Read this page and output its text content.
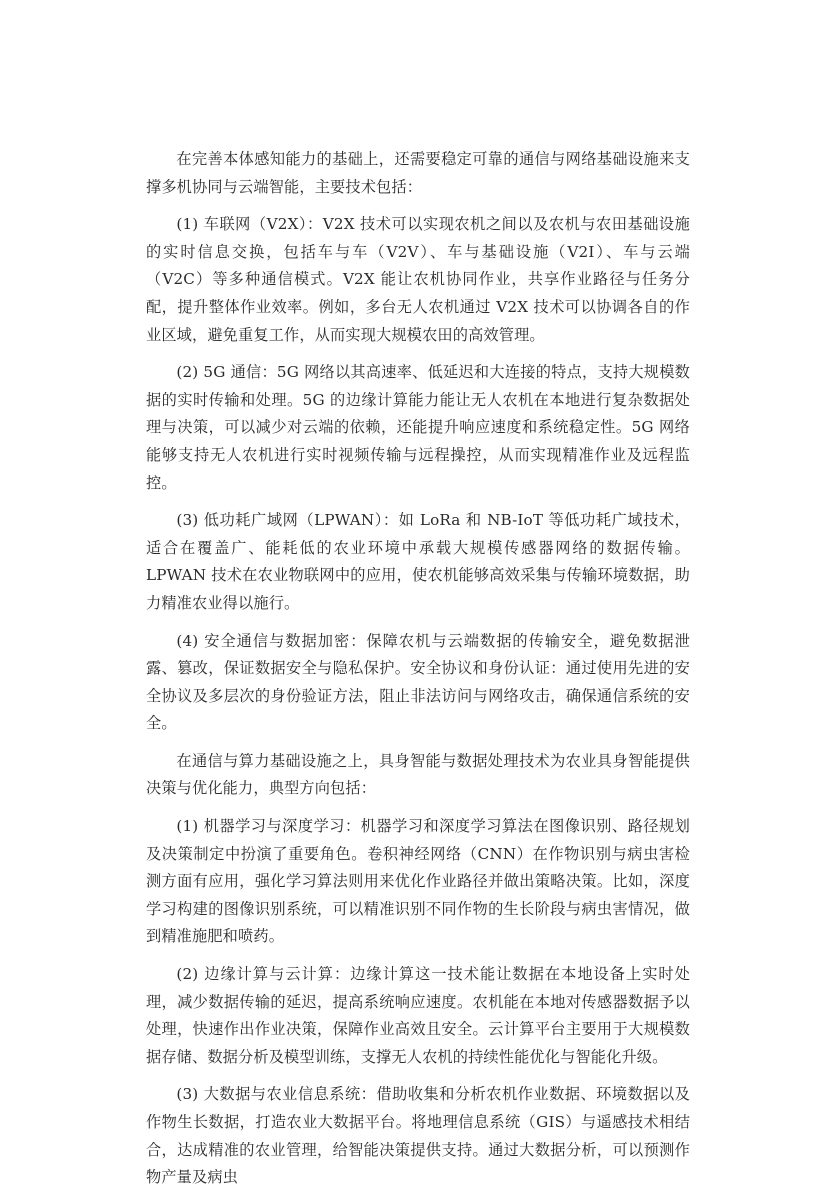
在完善本体感知能力的基础上，还需要稳定可靠的通信与网络基础设施来支撑多机协同与云端智能，主要技术包括：

(1) 车联网（V2X）：V2X 技术可以实现农机之间以及农机与农田基础设施的实时信息交换，包括车与车（V2V）、车与基础设施（V2I）、车与云端（V2C）等多种通信模式。V2X 能让农机协同作业，共享作业路径与任务分配，提升整体作业效率。例如，多台无人农机通过 V2X 技术可以协调各自的作业区域，避免重复工作，从而实现大规模农田的高效管理。

(2) 5G 通信：5G 网络以其高速率、低延迟和大连接的特点，支持大规模数据的实时传输和处理。5G 的边缘计算能力能让无人农机在本地进行复杂数据处理与决策，可以减少对云端的依赖，还能提升响应速度和系统稳定性。5G 网络能够支持无人农机进行实时视频传输与远程操控，从而实现精准作业及远程监控。

(3) 低功耗广域网（LPWAN）：如 LoRa 和 NB-IoT 等低功耗广域技术，适合在覆盖广、能耗低的农业环境中承载大规模传感器网络的数据传输。LPWAN 技术在农业物联网中的应用，使农机能够高效采集与传输环境数据，助力精准农业得以施行。

(4) 安全通信与数据加密：保障农机与云端数据的传输安全，避免数据泄露、篡改，保证数据安全与隐私保护。安全协议和身份认证：通过使用先进的安全协议及多层次的身份验证方法，阻止非法访问与网络攻击，确保通信系统的安全。

在通信与算力基础设施之上，具身智能与数据处理技术为农业具身智能提供决策与优化能力，典型方向包括：

(1) 机器学习与深度学习：机器学习和深度学习算法在图像识别、路径规划及决策制定中扮演了重要角色。卷积神经网络（CNN）在作物识别与病虫害检测方面有应用，强化学习算法则用来优化作业路径并做出策略决策。比如，深度学习构建的图像识别系统，可以精准识别不同作物的生长阶段与病虫害情况，做到精准施肥和喷药。

(2) 边缘计算与云计算：边缘计算这一技术能让数据在本地设备上实时处理，减少数据传输的延迟，提高系统响应速度。农机能在本地对传感器数据予以处理，快速作出作业决策，保障作业高效且安全。云计算平台主要用于大规模数据存储、数据分析及模型训练，支撑无人农机的持续性能优化与智能化升级。

(3) 大数据与农业信息系统：借助收集和分析农机作业数据、环境数据以及作物生长数据，打造农业大数据平台。将地理信息系统（GIS）与遥感技术相结合，达成精准的农业管理，给智能决策提供支持。通过大数据分析，可以预测作物产量及病虫
